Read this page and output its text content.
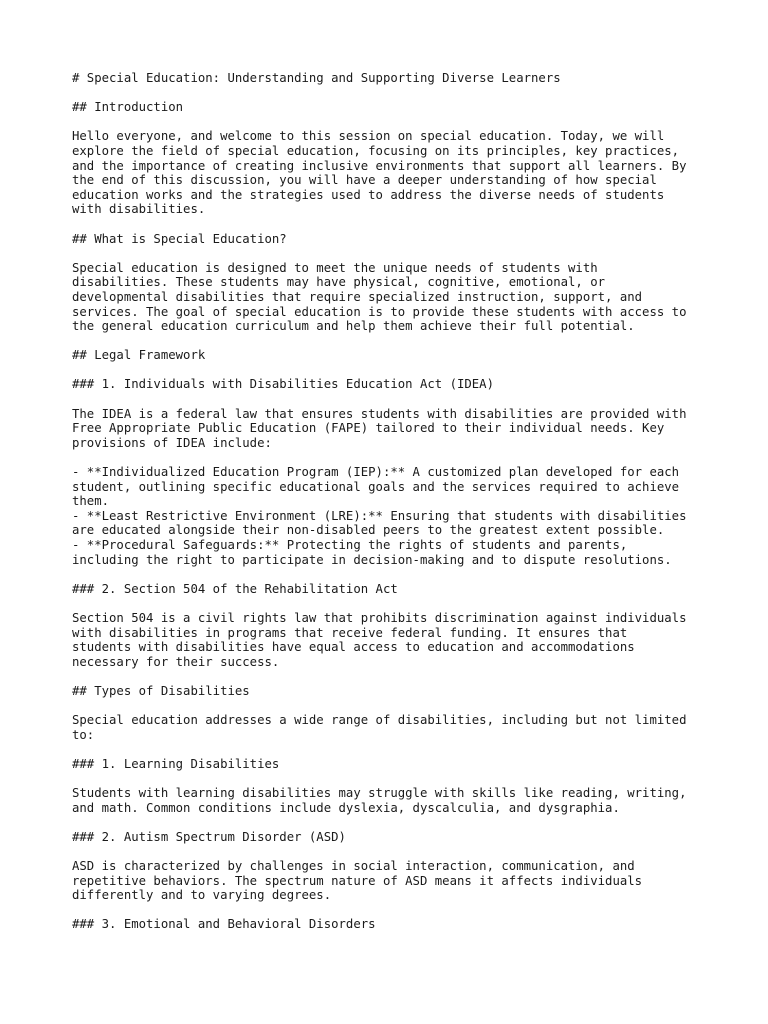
# Special Education: Understanding and Supporting Diverse Learners

## Introduction

Hello everyone, and welcome to this session on special education. Today, we will
explore the field of special education, focusing on its principles, key practices,
and the importance of creating inclusive environments that support all learners. By
the end of this discussion, you will have a deeper understanding of how special
education works and the strategies used to address the diverse needs of students
with disabilities.

## What is Special Education?

Special education is designed to meet the unique needs of students with
disabilities. These students may have physical, cognitive, emotional, or
developmental disabilities that require specialized instruction, support, and
services. The goal of special education is to provide these students with access to
the general education curriculum and help them achieve their full potential.

## Legal Framework

### 1. Individuals with Disabilities Education Act (IDEA)

The IDEA is a federal law that ensures students with disabilities are provided with
Free Appropriate Public Education (FAPE) tailored to their individual needs. Key
provisions of IDEA include:

- **Individualized Education Program (IEP):** A customized plan developed for each
student, outlining specific educational goals and the services required to achieve
them.
- **Least Restrictive Environment (LRE):** Ensuring that students with disabilities
are educated alongside their non-disabled peers to the greatest extent possible.
- **Procedural Safeguards:** Protecting the rights of students and parents,
including the right to participate in decision-making and to dispute resolutions.

### 2. Section 504 of the Rehabilitation Act

Section 504 is a civil rights law that prohibits discrimination against individuals
with disabilities in programs that receive federal funding. It ensures that
students with disabilities have equal access to education and accommodations
necessary for their success.

## Types of Disabilities

Special education addresses a wide range of disabilities, including but not limited
to:

### 1. Learning Disabilities

Students with learning disabilities may struggle with skills like reading, writing,
and math. Common conditions include dyslexia, dyscalculia, and dysgraphia.

### 2. Autism Spectrum Disorder (ASD)

ASD is characterized by challenges in social interaction, communication, and
repetitive behaviors. The spectrum nature of ASD means it affects individuals
differently and to varying degrees.

### 3. Emotional and Behavioral Disorders
